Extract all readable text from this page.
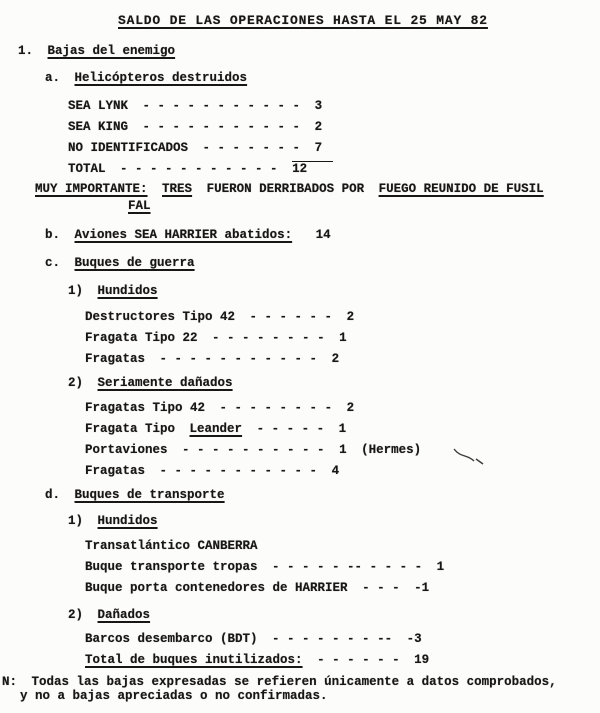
SALDO DE LAS OPERACIONES HASTA EL 25 MAY 82
1. Bajas del enemigo
a. Helicópteros destruidos
SEA LYNK - - - - - - - - - - - 3
SEA KING - - - - - - - - - - - 2
NO IDENTIFICADOS - - - - - - - 7
TOTAL - - - - - - - - - - - 12
MUY IMPORTANTE: TRES FUERON DERRIBADOS POR FUEGO REUNIDO DE FUSIL
FAL
b. Aviones SEA HARRIER abatidos: 14
c. Buques de guerra
1) Hundidos
Destructores Tipo 42 - - - - - - 2
Fragata Tipo 22 - - - - - - - - 1
Fragatas - - - - - - - - - - - 2
2) Seriamente dañados
Fragatas Tipo 42 - - - - - - - - 2
Fragata Tipo Leander - - - - - 1
Portaviones - - - - - - - - - - 1 (Hermes)
Fragatas - - - - - - - - - - - 4
d. Buques de transporte
1) Hundidos
Transatlántico CANBERRA
Buque transporte tropas - - - - - -- - - - - 1
Buque porta contenedores de HARRIER - - - -1
2) Dañados
Barcos desembarco (BDT) - - - - - - - -- -3
Total de buques inutilizados: - - - - - - 19
N: Todas las bajas expresadas se refieren únicamente a datos comprobados,
y no a bajas apreciadas o no confirmadas.
